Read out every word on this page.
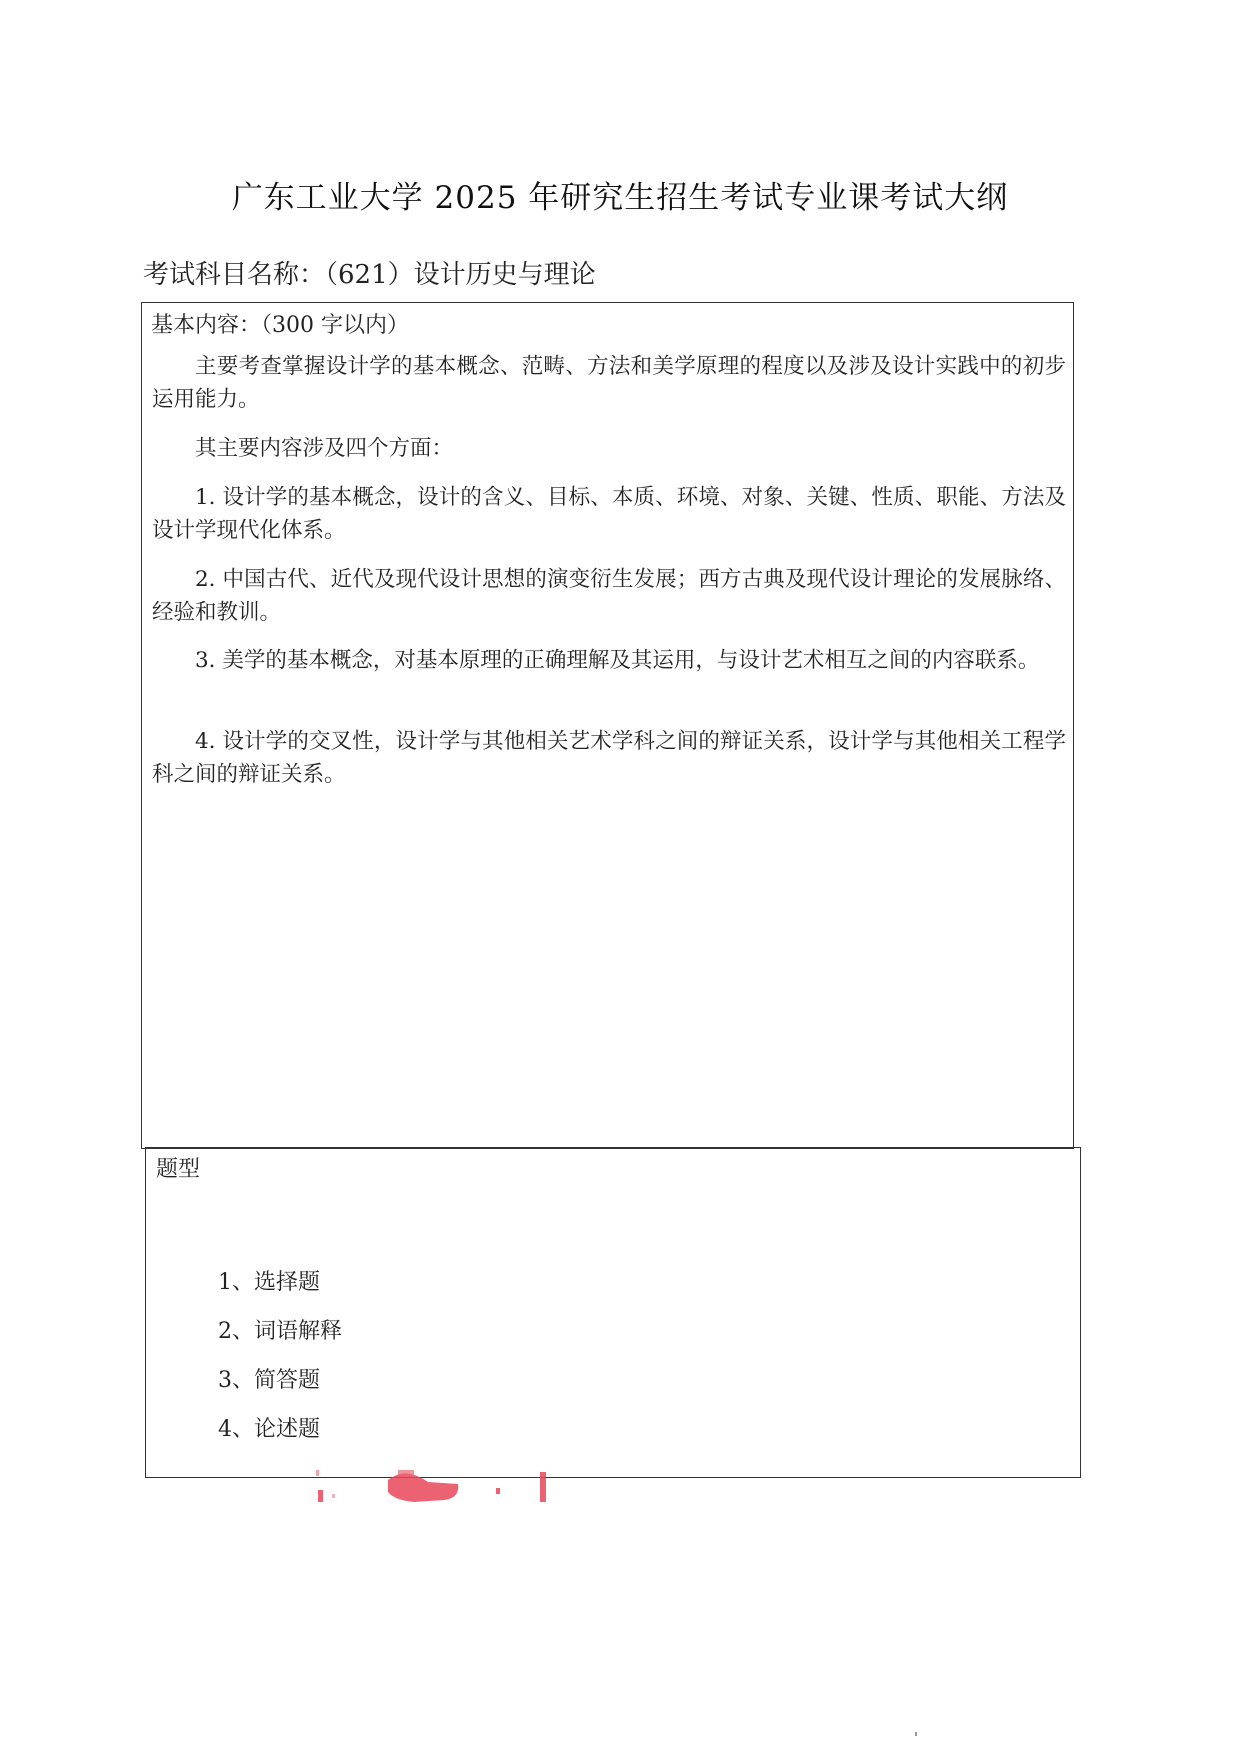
广东工业大学 2025 年研究生招生考试专业课考试大纲
考试科目名称：（621）设计历史与理论
基本内容：（300 字以内）

主要考查掌握设计学的基本概念、范畴、方法和美学原理的程度以及涉及设计实践中的初步运用能力。

其主要内容涉及四个方面：

1. 设计学的基本概念，设计的含义、目标、本质、环境、对象、关键、性质、职能、方法及设计学现代化体系。

2. 中国古代、近代及现代设计思想的演变衍生发展；西方古典及现代设计理论的发展脉络、经验和教训。

3. 美学的基本概念，对基本原理的正确理解及其运用，与设计艺术相互之间的内容联系。

4. 设计学的交叉性，设计学与其他相关艺术学科之间的辩证关系，设计学与其他相关工程学科之间的辩证关系。

题型
1、选择题
2、词语解释
3、简答题
4、论述题
